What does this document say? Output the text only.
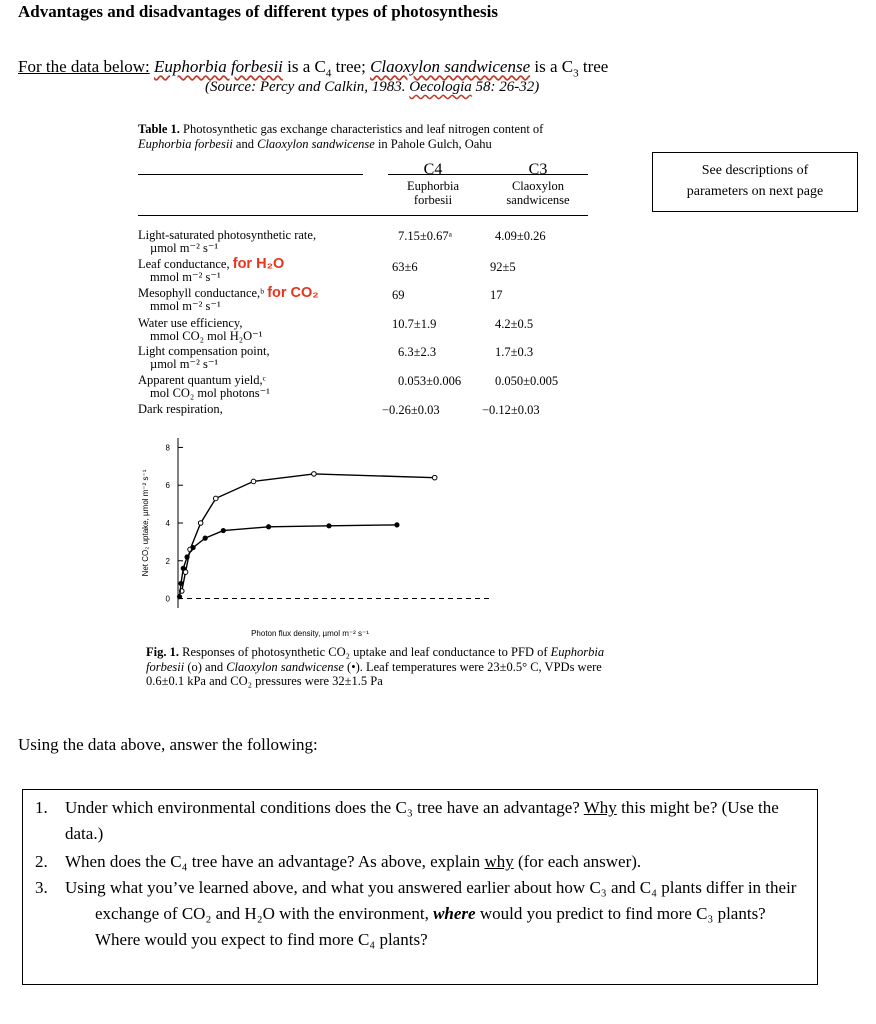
Advantages and disadvantages of different types of photosynthesis
For the data below: Euphorbia forbesii is a $C_4$ tree; Claoxylon sandwicense is a $C_3$ tree
(Source: Percy and Calkin, 1983. Oecologia 58: 26-32)
Table 1. Photosynthetic gas exchange characteristics and leaf nitrogen content of Euphorbia forbesii and Claoxylon sandwicense in Pahole Gulch, Oahu
See descriptions of
parameters on next page
C4
Euphorbia
forbesii
C3
Claoxylon
sandwicense
Light-saturated photosynthetic rate,
µmol m⁻² s⁻¹
7.15±0.67ᵃ	4.09±0.26
Leaf conductance, for H₂O
mmol m⁻² s⁻¹
63±6	92±5
Mesophyll conductance,ᵇ for CO₂
mmol m⁻² s⁻¹
69	17
Water use efficiency,
mmol CO₂ mol H₂O⁻¹
10.7±1.9	4.2±0.5
Light compensation point,
µmol m⁻² s⁻¹
6.3±2.3	1.7±0.3
Apparent quantum yield,ᶜ
mol CO₂ mol photons⁻¹
0.053±0.006	0.050±0.005
Dark respiration,	−0.26±0.03	−0.12±0.03
0
2
4
6
8
Net CO₂ uptake, µmol m⁻² s⁻¹
Photon flux density, µmol m⁻² s⁻¹
Fig. 1. Responses of photosynthetic CO₂ uptake and leaf conductance to PFD of Euphorbia forbesii (o) and Claoxylon sandwicense (•). Leaf temperatures were 23±0.5° C, VPDs were 0.6±0.1 kPa and CO₂ pressures were 32±1.5 Pa
Using the data above, answer the following:
1. Under which environmental conditions does the C₃ tree have an advantage? Why this might be? (Use the data.)
2. When does the C₄ tree have an advantage? As above, explain why (for each answer).
3. Using what you’ve learned above, and what you answered earlier about how C₃ and C₄ plants differ in their exchange of CO₂ and H₂O with the environment, where would you predict to find more C₃ plants? Where would you expect to find more C₄ plants?
